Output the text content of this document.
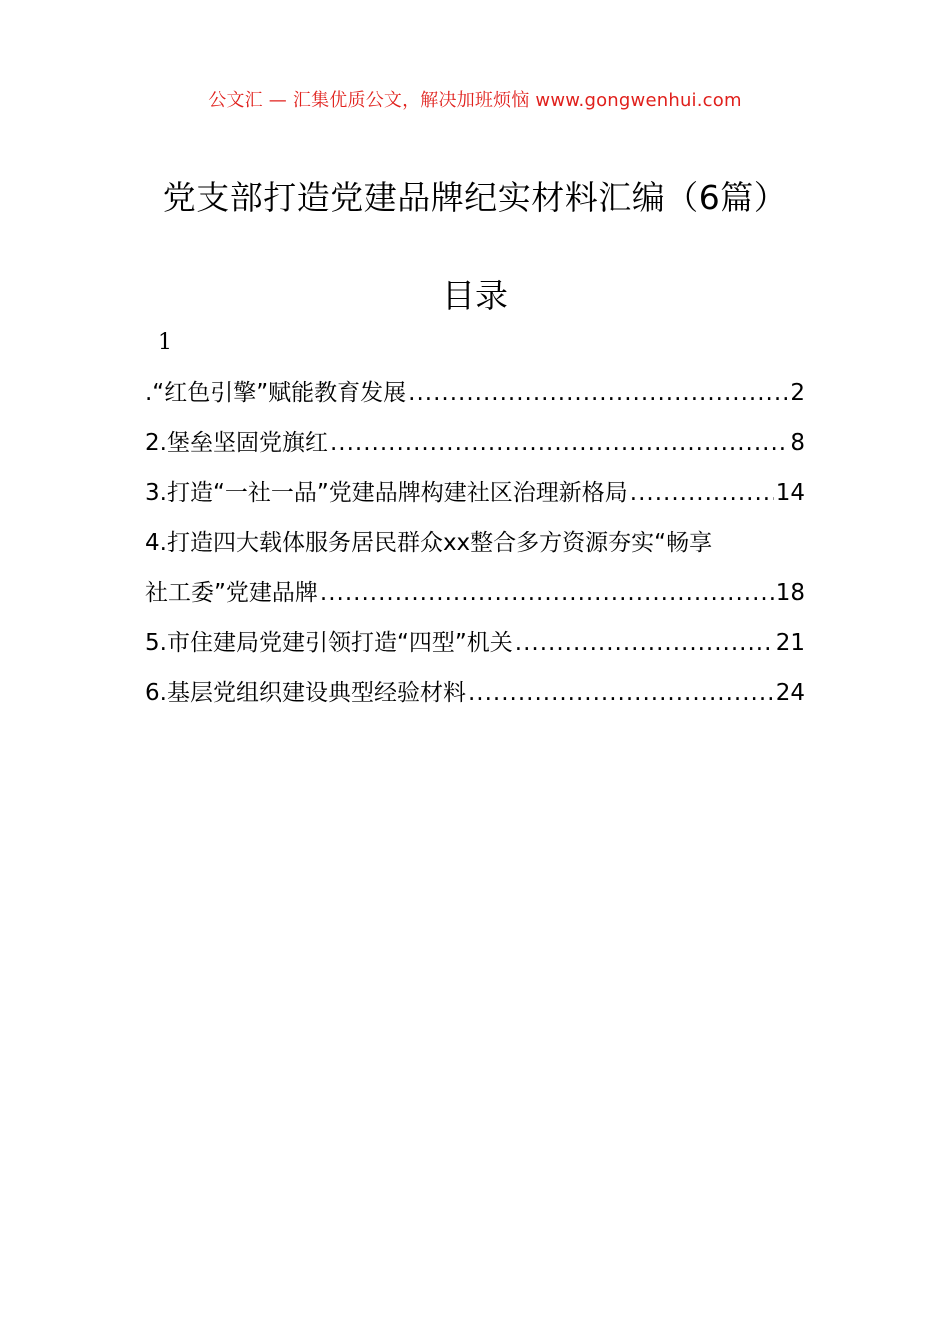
公文汇 — 汇集优质公文，解决加班烦恼 www.gongwenhui.com
党支部打造党建品牌纪实材料汇编（6篇）
目录
1
.“红色引擎”赋能教育发展 .....	2
2.堡垒坚固党旗红 .....	8
3.打造“一社一品”党建品牌构建社区治理新格局 .....	14
4.打造四大载体服务居民群众xx整合多方资源夯实“畅享
社工委”党建品牌 .....	18
5.市住建局党建引领打造“四型”机关 .....	21
6.基层党组织建设典型经验材料 .....	24
